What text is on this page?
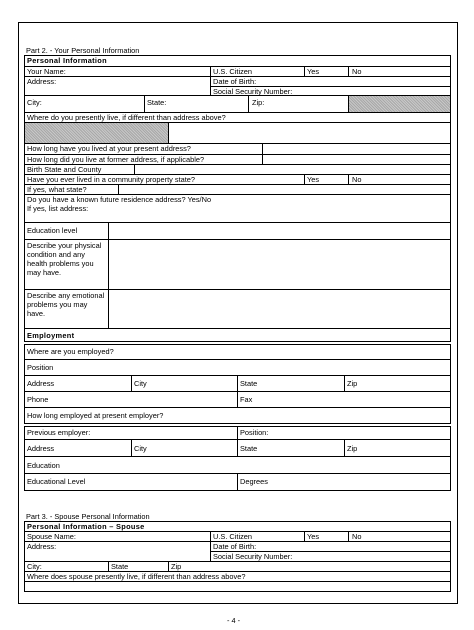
Part 2. - Your Personal Information
Personal Information
Your Name:	U.S. Citizen	Yes	No
Address:	Date of Birth:
Social Security Number:
City:	State:	Zip:
Where do you presently live, if different than address above?
How long have you lived at your present address?
How long did you live at former address, if applicable?
Birth State and County
Have you ever lived in a community property state?	Yes	No
If yes, what state?
Do you have a known future residence address? Yes/No
If yes, list address:
Education level
Describe your physical condition and any health problems you may have.
Describe any emotional problems you may have.
Employment
Where are you employed?
Position
Address	City	State	Zip
Phone	Fax
How long employed at present employer?
Previous employer:	Position:
Address	City	State	Zip
Education
Educational Level	Degrees
Part 3. - Spouse Personal Information
Personal Information – Spouse
Spouse Name:	U.S. Citizen	Yes	No
Address:	Date of Birth:
Social Security Number:
City:	State	Zip
Where does spouse presently live, if different than address above?
- 4 -
